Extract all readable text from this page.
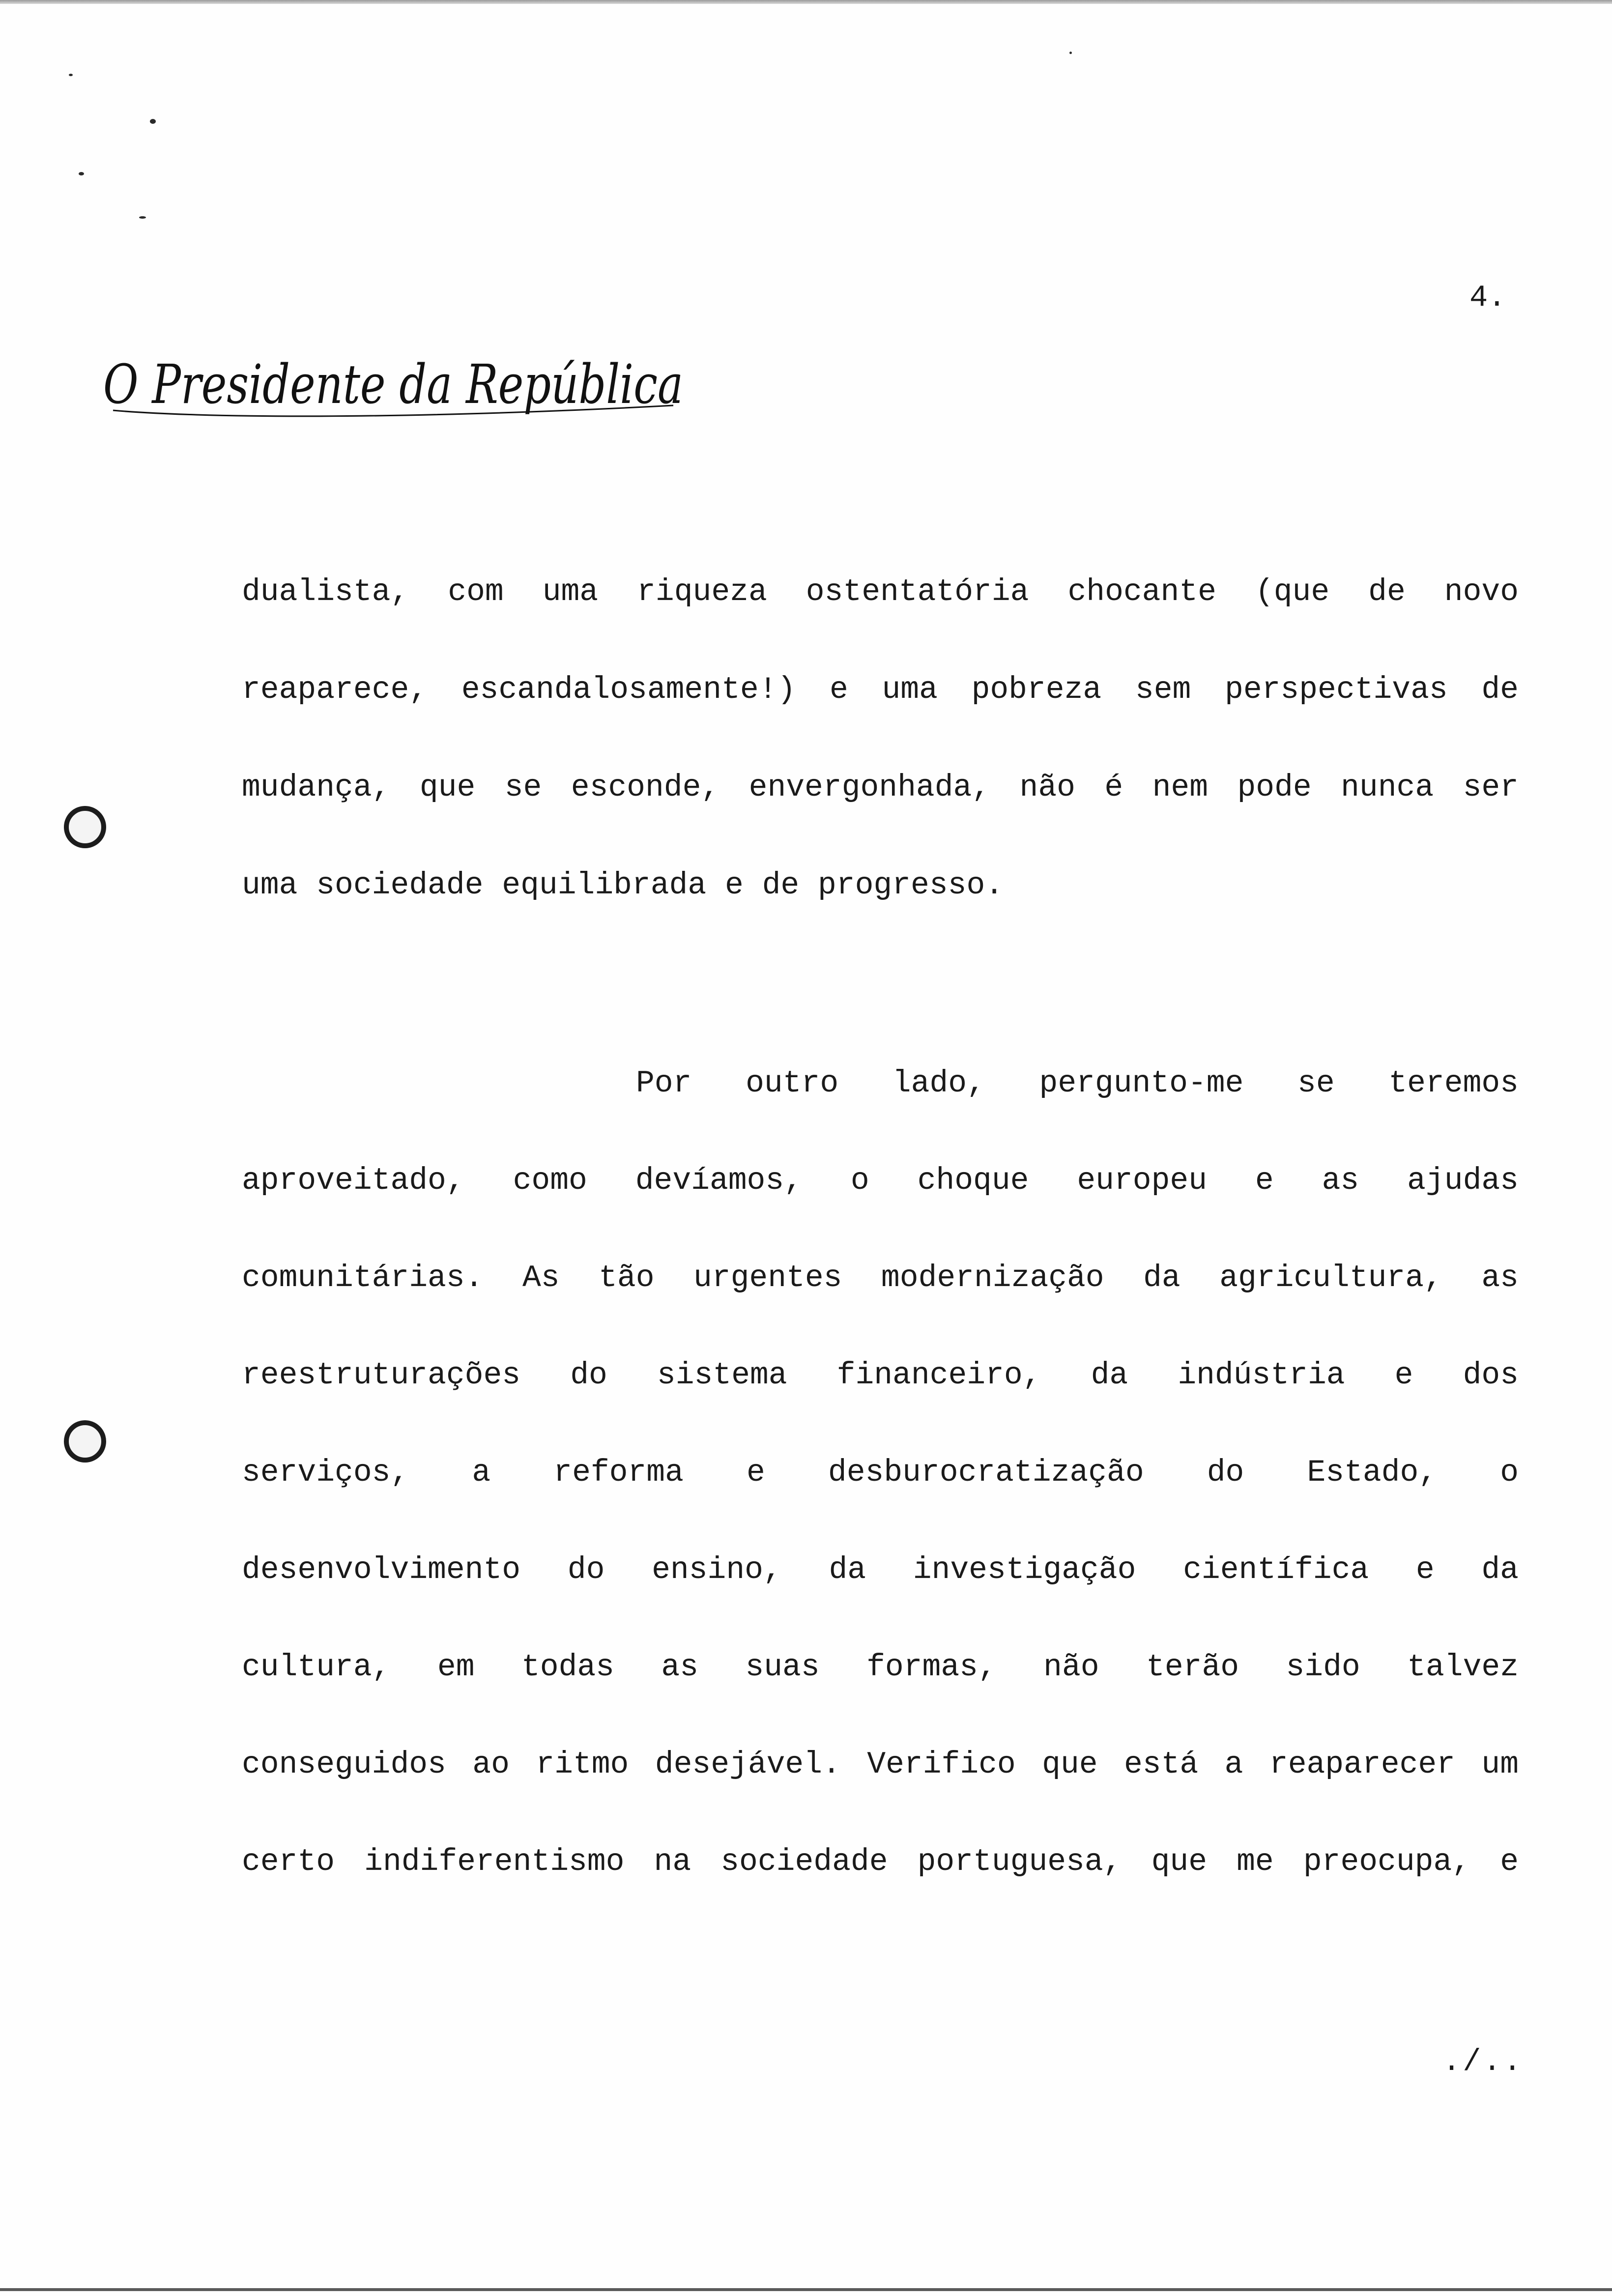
4.
O Presidente da República
dualista, com uma riqueza ostentatória chocante (que de novo
reaparece, escandalosamente!) e uma pobreza sem perspectivas de
mudança, que se esconde, envergonhada, não é nem pode nunca ser
uma sociedade equilibrada e de progresso.
Por outro lado, pergunto-me se teremos
aproveitado, como devíamos, o choque europeu e as ajudas
comunitárias. As tão urgentes modernização da agricultura, as
reestruturações do sistema financeiro, da indústria e dos
serviços, a reforma e desburocratização do Estado, o
desenvolvimento do ensino, da investigação científica e da
cultura, em todas as suas formas, não terão sido talvez
conseguidos ao ritmo desejável. Verifico que está a reaparecer um
certo indiferentismo na sociedade portuguesa, que me preocupa, e
./..
